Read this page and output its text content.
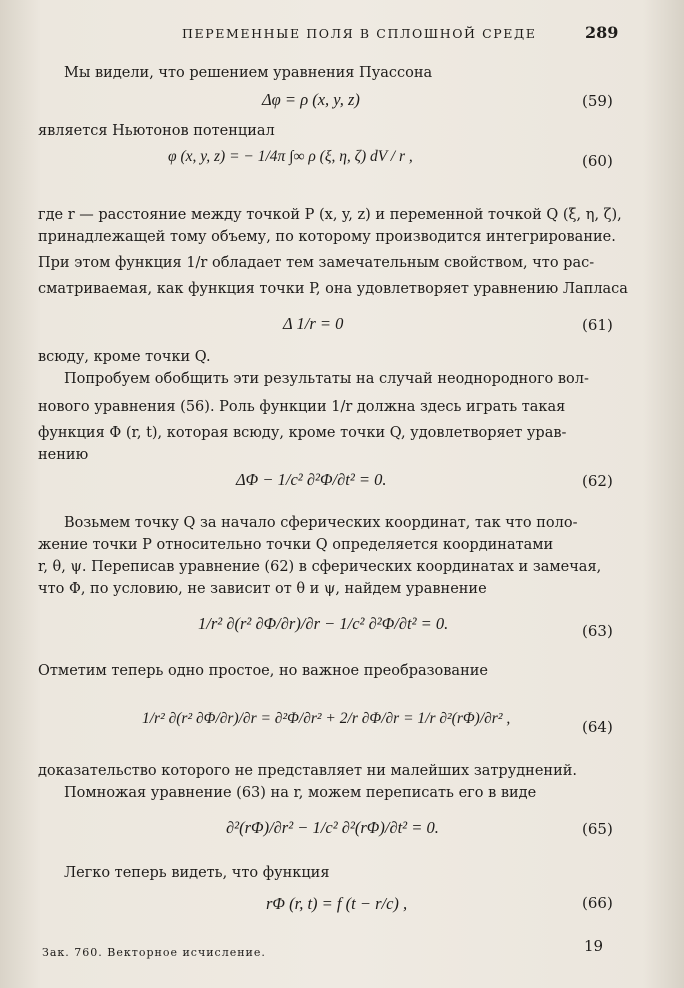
ПЕРЕМЕННЫЕ ПОЛЯ В СПЛОШНОЙ СРЕДЕ	289
Мы видели, что решением уравнения Пуассона
Δφ = ρ (x, y, z)	(59)
является Ньютонов потенциал
φ (x, y, z) = − 1/4π ∫∞ ρ (ξ, η, ζ) dV / r ,	(60)
где r — расстояние между точкой P (x, y, z) и переменной точкой Q (ξ, η, ζ),
принадлежащей тому объему, по которому производится интегрирование.
При этом функция 1/r обладает тем замечательным свойством, что рас-
сматриваемая, как функция точки P, она удовлетворяет уравнению Лапласа
Δ 1/r = 0	(61)
всюду, кроме точки Q.
Попробуем обобщить эти результаты на случай неоднородного вол-
нового уравнения (56). Роль функции 1/r должна здесь играть такая
функция Φ (r, t), которая всюду, кроме точки Q, удовлетворяет урав-
нению
ΔΦ − 1/c² ∂²Φ/∂t² = 0.	(62)
Возьмем точку Q за начало сферических координат, так что поло-
жение точки P относительно точки Q определяется координатами
r, θ, ψ. Переписав уравнение (62) в сферических координатах и замечая,
что Φ, по условию, не зависит от θ и ψ, найдем уравнение
1/r² ∂(r² ∂Φ/∂r)/∂r − 1/c² ∂²Φ/∂t² = 0.	(63)
Отметим теперь одно простое, но важное преобразование
1/r² ∂(r² ∂Φ/∂r)/∂r = ∂²Φ/∂r² + 2/r ∂Φ/∂r = 1/r ∂²(rΦ)/∂r² ,	(64)
доказательство которого не представляет ни малейших затруднений.
Помножая уравнение (63) на r, можем переписать его в виде
∂²(rΦ)/∂r² − 1/c² ∂²(rΦ)/∂t² = 0.	(65)
Легко теперь видеть, что функция
rΦ (r, t) = f (t − r/c) ,	(66)
Зак. 760. Векторное исчисление.	19
